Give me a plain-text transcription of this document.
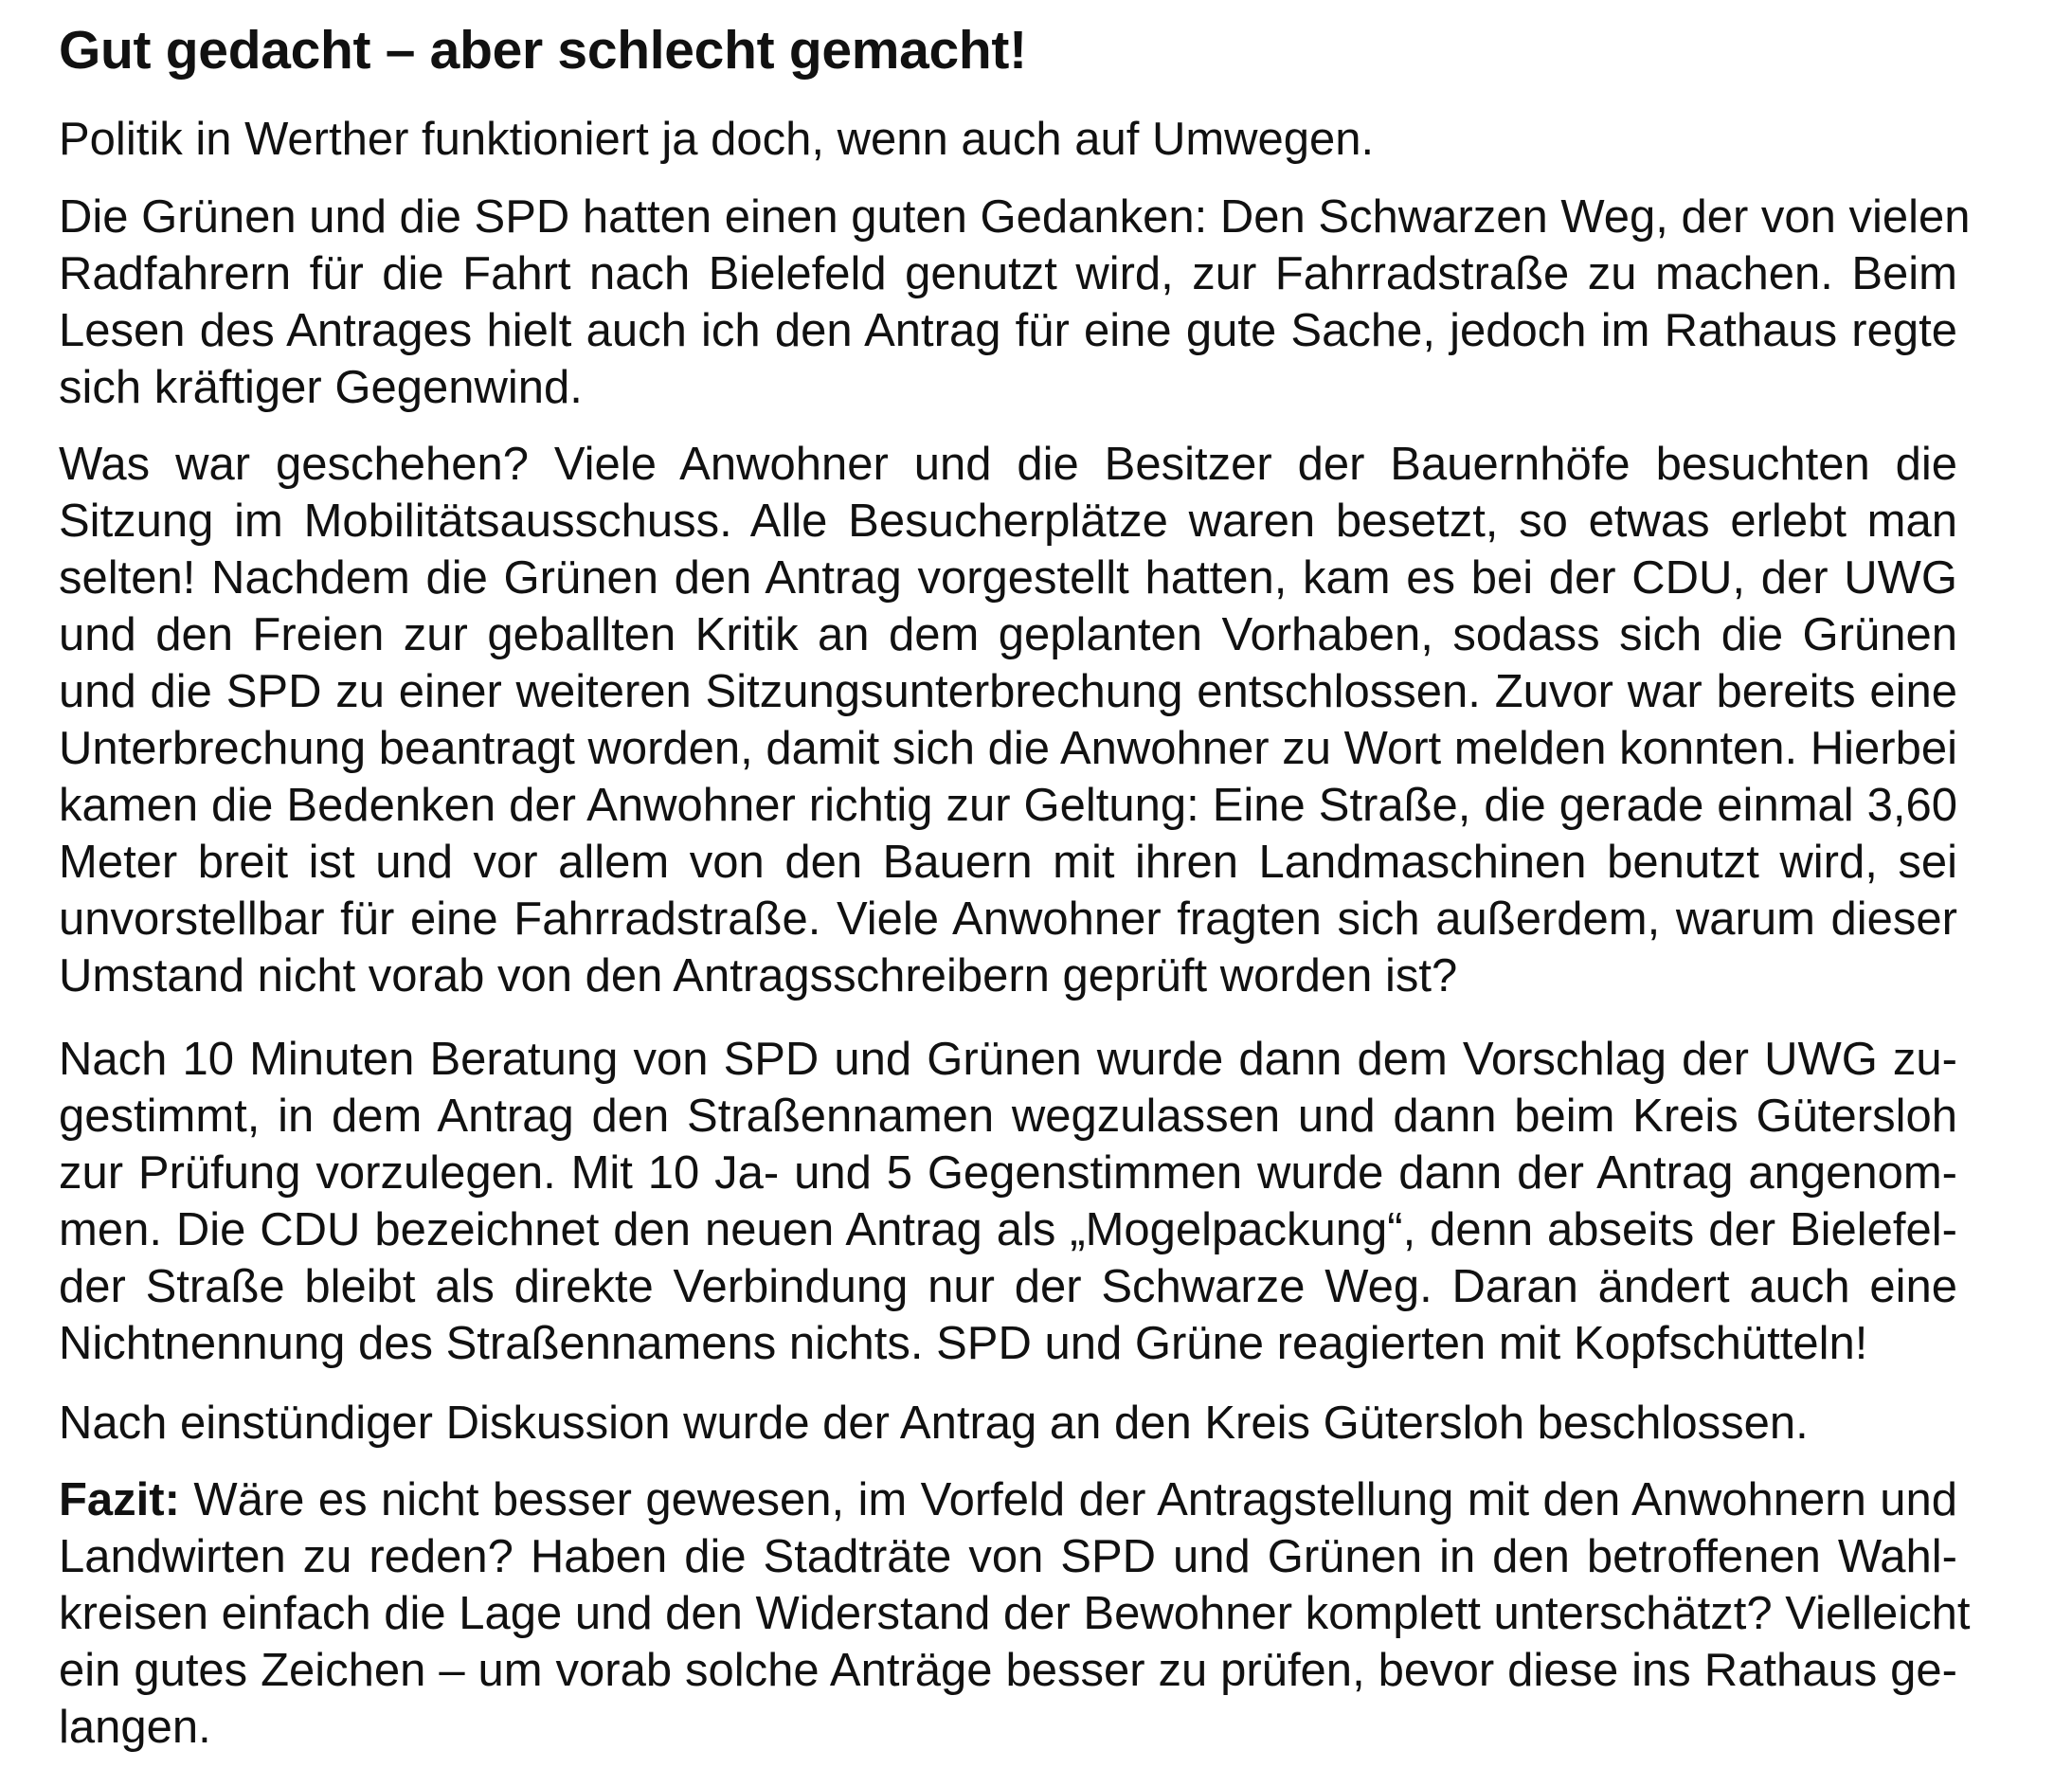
Gut gedacht – aber schlecht gemacht!

Politik in Werther funktioniert ja doch, wenn auch auf Umwegen.

Die Grünen und die SPD hatten einen guten Gedanken: Den Schwarzen Weg, der von vielen
Radfahrern für die Fahrt nach Bielefeld genutzt wird, zur Fahrradstraße zu machen. Beim
Lesen des Antrages hielt auch ich den Antrag für eine gute Sache, jedoch im Rathaus regte
sich kräftiger Gegenwind.

Was war geschehen? Viele Anwohner und die Besitzer der Bauernhöfe besuchten die
Sitzung im Mobilitätsausschuss. Alle Besucherplätze waren besetzt, so etwas erlebt man
selten! Nachdem die Grünen den Antrag vorgestellt hatten, kam es bei der CDU, der UWG
und den Freien zur geballten Kritik an dem geplanten Vorhaben, sodass sich die Grünen
und die SPD zu einer weiteren Sitzungsunterbrechung entschlossen. Zuvor war bereits eine
Unterbrechung beantragt worden, damit sich die Anwohner zu Wort melden konnten. Hierbei
kamen die Bedenken der Anwohner richtig zur Geltung: Eine Straße, die gerade einmal 3,60
Meter breit ist und vor allem von den Bauern mit ihren Landmaschinen benutzt wird, sei
unvorstellbar für eine Fahrradstraße. Viele Anwohner fragten sich außerdem, warum dieser
Umstand nicht vorab von den Antragsschreibern geprüft worden ist?

Nach 10 Minuten Beratung von SPD und Grünen wurde dann dem Vorschlag der UWG zu-
gestimmt, in dem Antrag den Straßennamen wegzulassen und dann beim Kreis Gütersloh
zur Prüfung vorzulegen. Mit 10 Ja- und 5 Gegenstimmen wurde dann der Antrag angenom-
men. Die CDU bezeichnet den neuen Antrag als „Mogelpackung“, denn abseits der Bielefel-
der Straße bleibt als direkte Verbindung nur der Schwarze Weg. Daran ändert auch eine
Nichtnennung des Straßennamens nichts. SPD und Grüne reagierten mit Kopfschütteln!

Nach einstündiger Diskussion wurde der Antrag an den Kreis Gütersloh beschlossen.

Fazit: Wäre es nicht besser gewesen, im Vorfeld der Antragstellung mit den Anwohnern und
Landwirten zu reden? Haben die Stadträte von SPD und Grünen in den betroffenen Wahl-
kreisen einfach die Lage und den Widerstand der Bewohner komplett unterschätzt? Vielleicht
ein gutes Zeichen – um vorab solche Anträge besser zu prüfen, bevor diese ins Rathaus ge-
langen.
